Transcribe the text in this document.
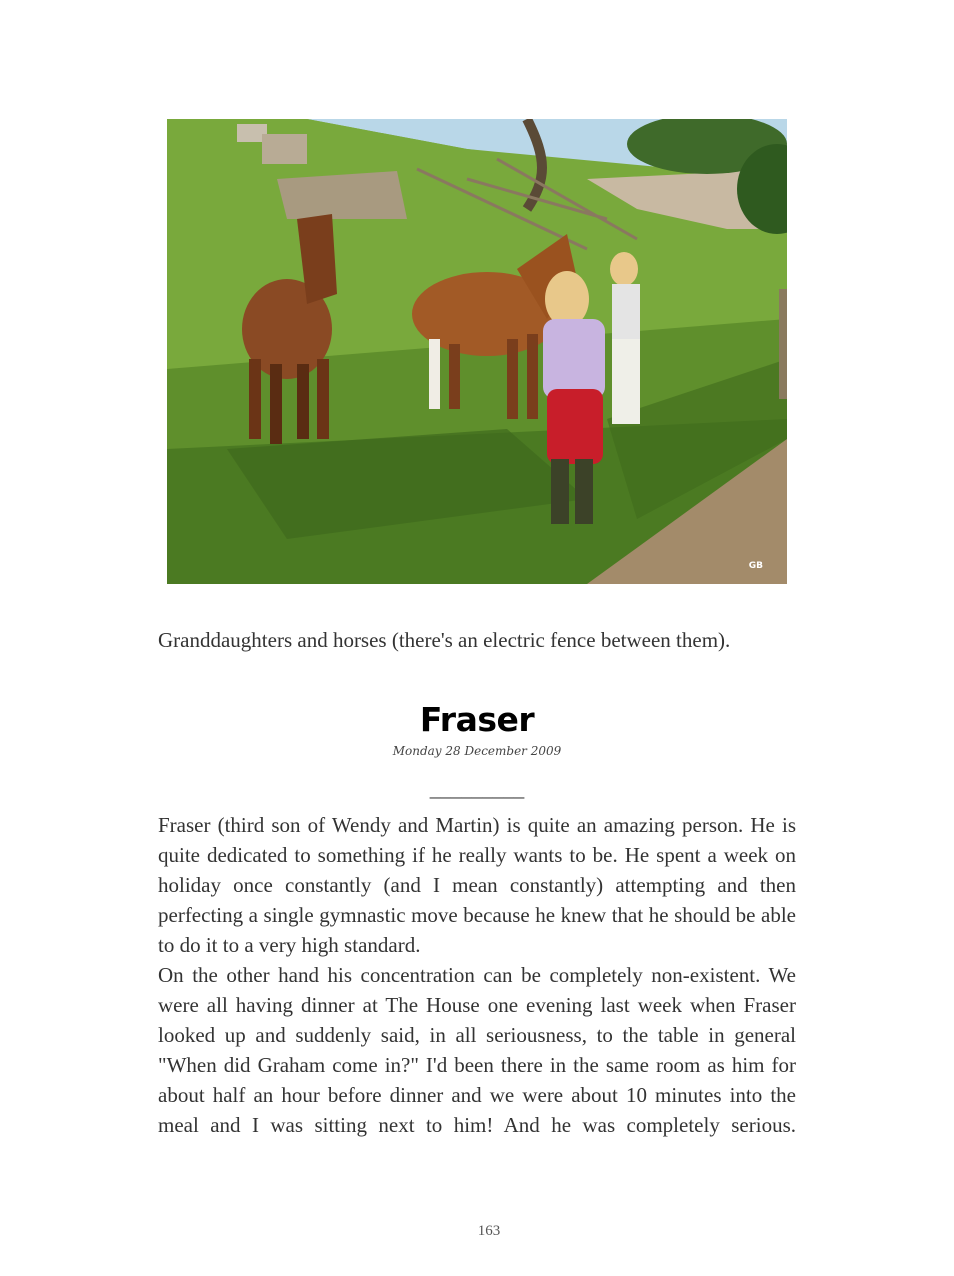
GB
Granddaughters and horses (there's an electric fence between them).
Fraser
Monday 28 December 2009
_________

Fraser (third son of Wendy and Martin) is quite an amazing person. He is quite dedicated to something if he really wants to be. He spent a week on holiday once constantly (and I mean constantly) attempting and then perfecting a single gymnastic move because he knew that he should be able to do it to a very high standard.

On the other hand his concentration can be completely non-existent. We were all having dinner at The House one evening last week when Fraser looked up and suddenly said, in all seriousness, to the table in general "When did Graham come in?" I'd been there in the same room as him for about half an hour before dinner and we were about 10 minutes into the meal and I was sitting next to him! And he was completely serious.

163
